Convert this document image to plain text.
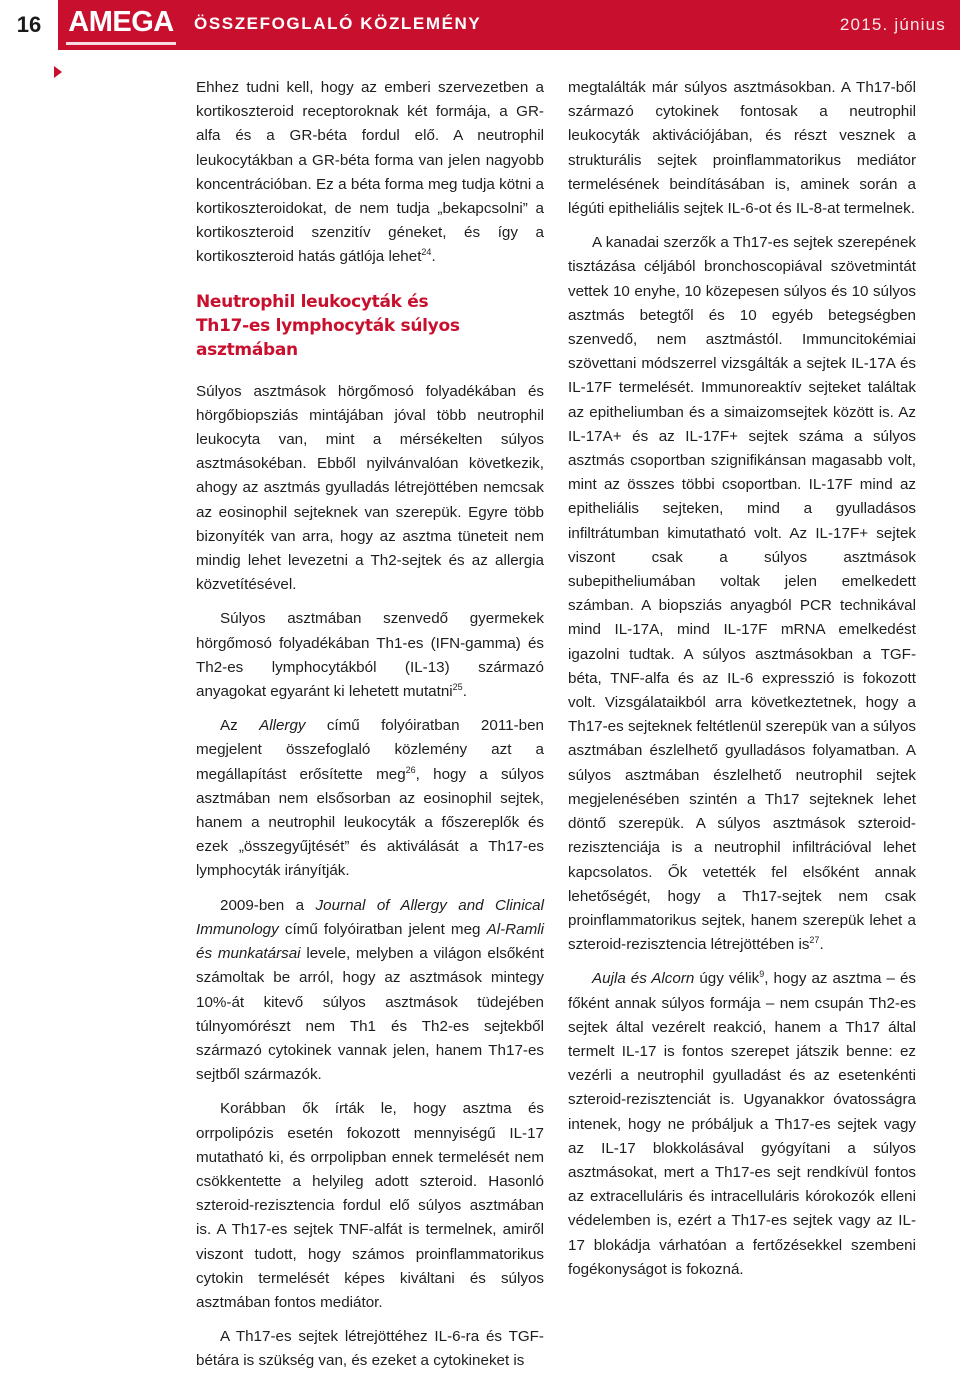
16 AMEGA ÖSSZEFOGLALÓ KÖZLEMÉNY	2015. június

Ehhez tudni kell, hogy az emberi szervezetben a kortikoszteroid receptoroknak két formája, a GR-alfa és a GR-béta fordul elő. A neutrophil leukocytákban a GR-béta forma van jelen nagyobb koncentrációban. Ez a béta forma meg tudja kötni a kortikoszteroidokat, de nem tudja „bekapcsolni” a kortikoszteroid szenzitív géneket, és így a kortikoszteroid hatás gátlója lehet$^{24}$.

Neutrophil leukocyták és
Th17-es lymphocyták súlyos asztmában

Súlyos asztmások hörgőmosó folyadékában és hörgőbiopsziás mintájában jóval több neutrophil leukocyta van, mint a mérsékelten súlyos asztmásokéban. Ebből nyilvánvalóan következik, ahogy az asztmás gyulladás létrejöttében nemcsak az eosinophil sejteknek van szerepük. Egyre több bizonyíték van arra, hogy az asztma tüneteit nem mindig lehet levezetni a Th2-sejtek és az allergia közvetítésével.

Súlyos asztmában szenvedő gyermekek hörgőmosó folyadékában Th1-es (IFN-gamma) és Th2-es lymphocytákból (IL-13) származó anyagokat egyaránt ki lehetett mutatni$^{25}$.

Az Allergy című folyóiratban 2011-ben megjelent összefoglaló közlemény azt a megállapítást erősítette meg$^{26}$, hogy a súlyos asztmában nem elsősorban az eosinophil sejtek, hanem a neutrophil leukocyták a főszereplők és ezek „összegyűjtését” és aktiválását a Th17-es lymphocyták irányítják.

2009-ben a Journal of Allergy and Clinical Immunology című folyóiratban jelent meg Al-Ramli és munkatársai levele, melyben a világon elsőként számoltak be arról, hogy az asztmások mintegy 10%-át kitevő súlyos asztmások tüdejében túlnyomórészt nem Th1 és Th2-es sejtekből származó cytokinek vannak jelen, hanem Th17-es sejtből származók.

Korábban ők írták le, hogy asztma és orrpolipózis esetén fokozott mennyiségű IL-17 mutatható ki, és orrpolipban ennek termelését nem csökkentette a helyileg adott szteroid. Hasonló szteroid-rezisztencia fordul elő súlyos asztmában is. A Th17-es sejtek TNF-alfát is termelnek, amiről viszont tudott, hogy számos proinflammatorikus cytokin termelését képes kiváltani és súlyos asztmában fontos mediátor.

A Th17-es sejtek létrejöttéhez IL-6-ra és TGF-bétára is szükség van, és ezeket a cytokineket is

megtalálták már súlyos asztmásokban. A Th17-ből származó cytokinek fontosak a neutrophil leukocyták aktivációjában, és részt vesznek a strukturális sejtek proinflammatorikus mediátor termelésének beindításában is, aminek során a légúti epitheliális sejtek IL-6-ot és IL-8-at termelnek.

A kanadai szerzők a Th17-es sejtek szerepének tisztázása céljából bronchoscopiával szövetmintát vettek 10 enyhe, 10 közepesen súlyos és 10 súlyos asztmás betegtől és 10 egyéb betegségben szenvedő, nem asztmástól. Immuncitokémiai szövettani módszerrel vizsgálták a sejtek IL-17A és IL-17F termelését. Immunoreaktív sejteket találtak az epitheliumban és a simaizomsejtek között is. Az IL-17A+ és az IL-17F+ sejtek száma a súlyos asztmás csoportban szignifikánsan magasabb volt, mint az összes többi csoportban. IL-17F mind az epitheliális sejteken, mind a gyulladásos infiltrátumban kimutatható volt. Az IL-17F+ sejtek viszont csak a súlyos asztmások subepitheliumában voltak jelen emelkedett számban. A biopsziás anyagból PCR technikával mind IL-17A, mind IL-17F mRNA emelkedést igazolni tudtak. A súlyos asztmásokban a TGF-béta, TNF-alfa és az IL-6 expresszió is fokozott volt. Vizsgálataikból arra következtetnek, hogy a Th17-es sejteknek feltétlenül szerepük van a súlyos asztmában észlelhető gyulladásos folyamatban. A súlyos asztmában észlelhető neutrophil sejtek megjelenésében szintén a Th17 sejteknek lehet döntő szerepük. A súlyos asztmások szteroid-rezisztenciája is a neutrophil infiltrációval lehet kapcsolatos. Ők vetették fel elsőként annak lehetőségét, hogy a Th17-sejtek nem csak proinflammatorikus sejtek, hanem szerepük lehet a szteroid-rezisztencia létrejöttében $is^{27}$.

Aujla és Alcorn úgy vélik$^9$, hogy az asztma – és főként annak súlyos formája – nem csupán Th2-es sejtek által vezérelt reakció, hanem a Th17 által termelt IL-17 is fontos szerepet játszik benne: ez vezérli a neutrophil gyulladást és az esetenkénti szteroid-rezisztenciát is. Ugyanakkor óvatosságra intenek, hogy ne próbáljuk a Th17-es sejtek vagy az IL-17 blokkolásával gyógyítani a súlyos asztmásokat, mert a Th17-es sejt rendkívül fontos az extracelluláris és intracelluláris kórokozók elleni védelemben is, ezért a Th17-es sejtek vagy az IL-17 blokádja várhatóan a fertőzésekkel szembeni fogékonyságot is fokozná.
